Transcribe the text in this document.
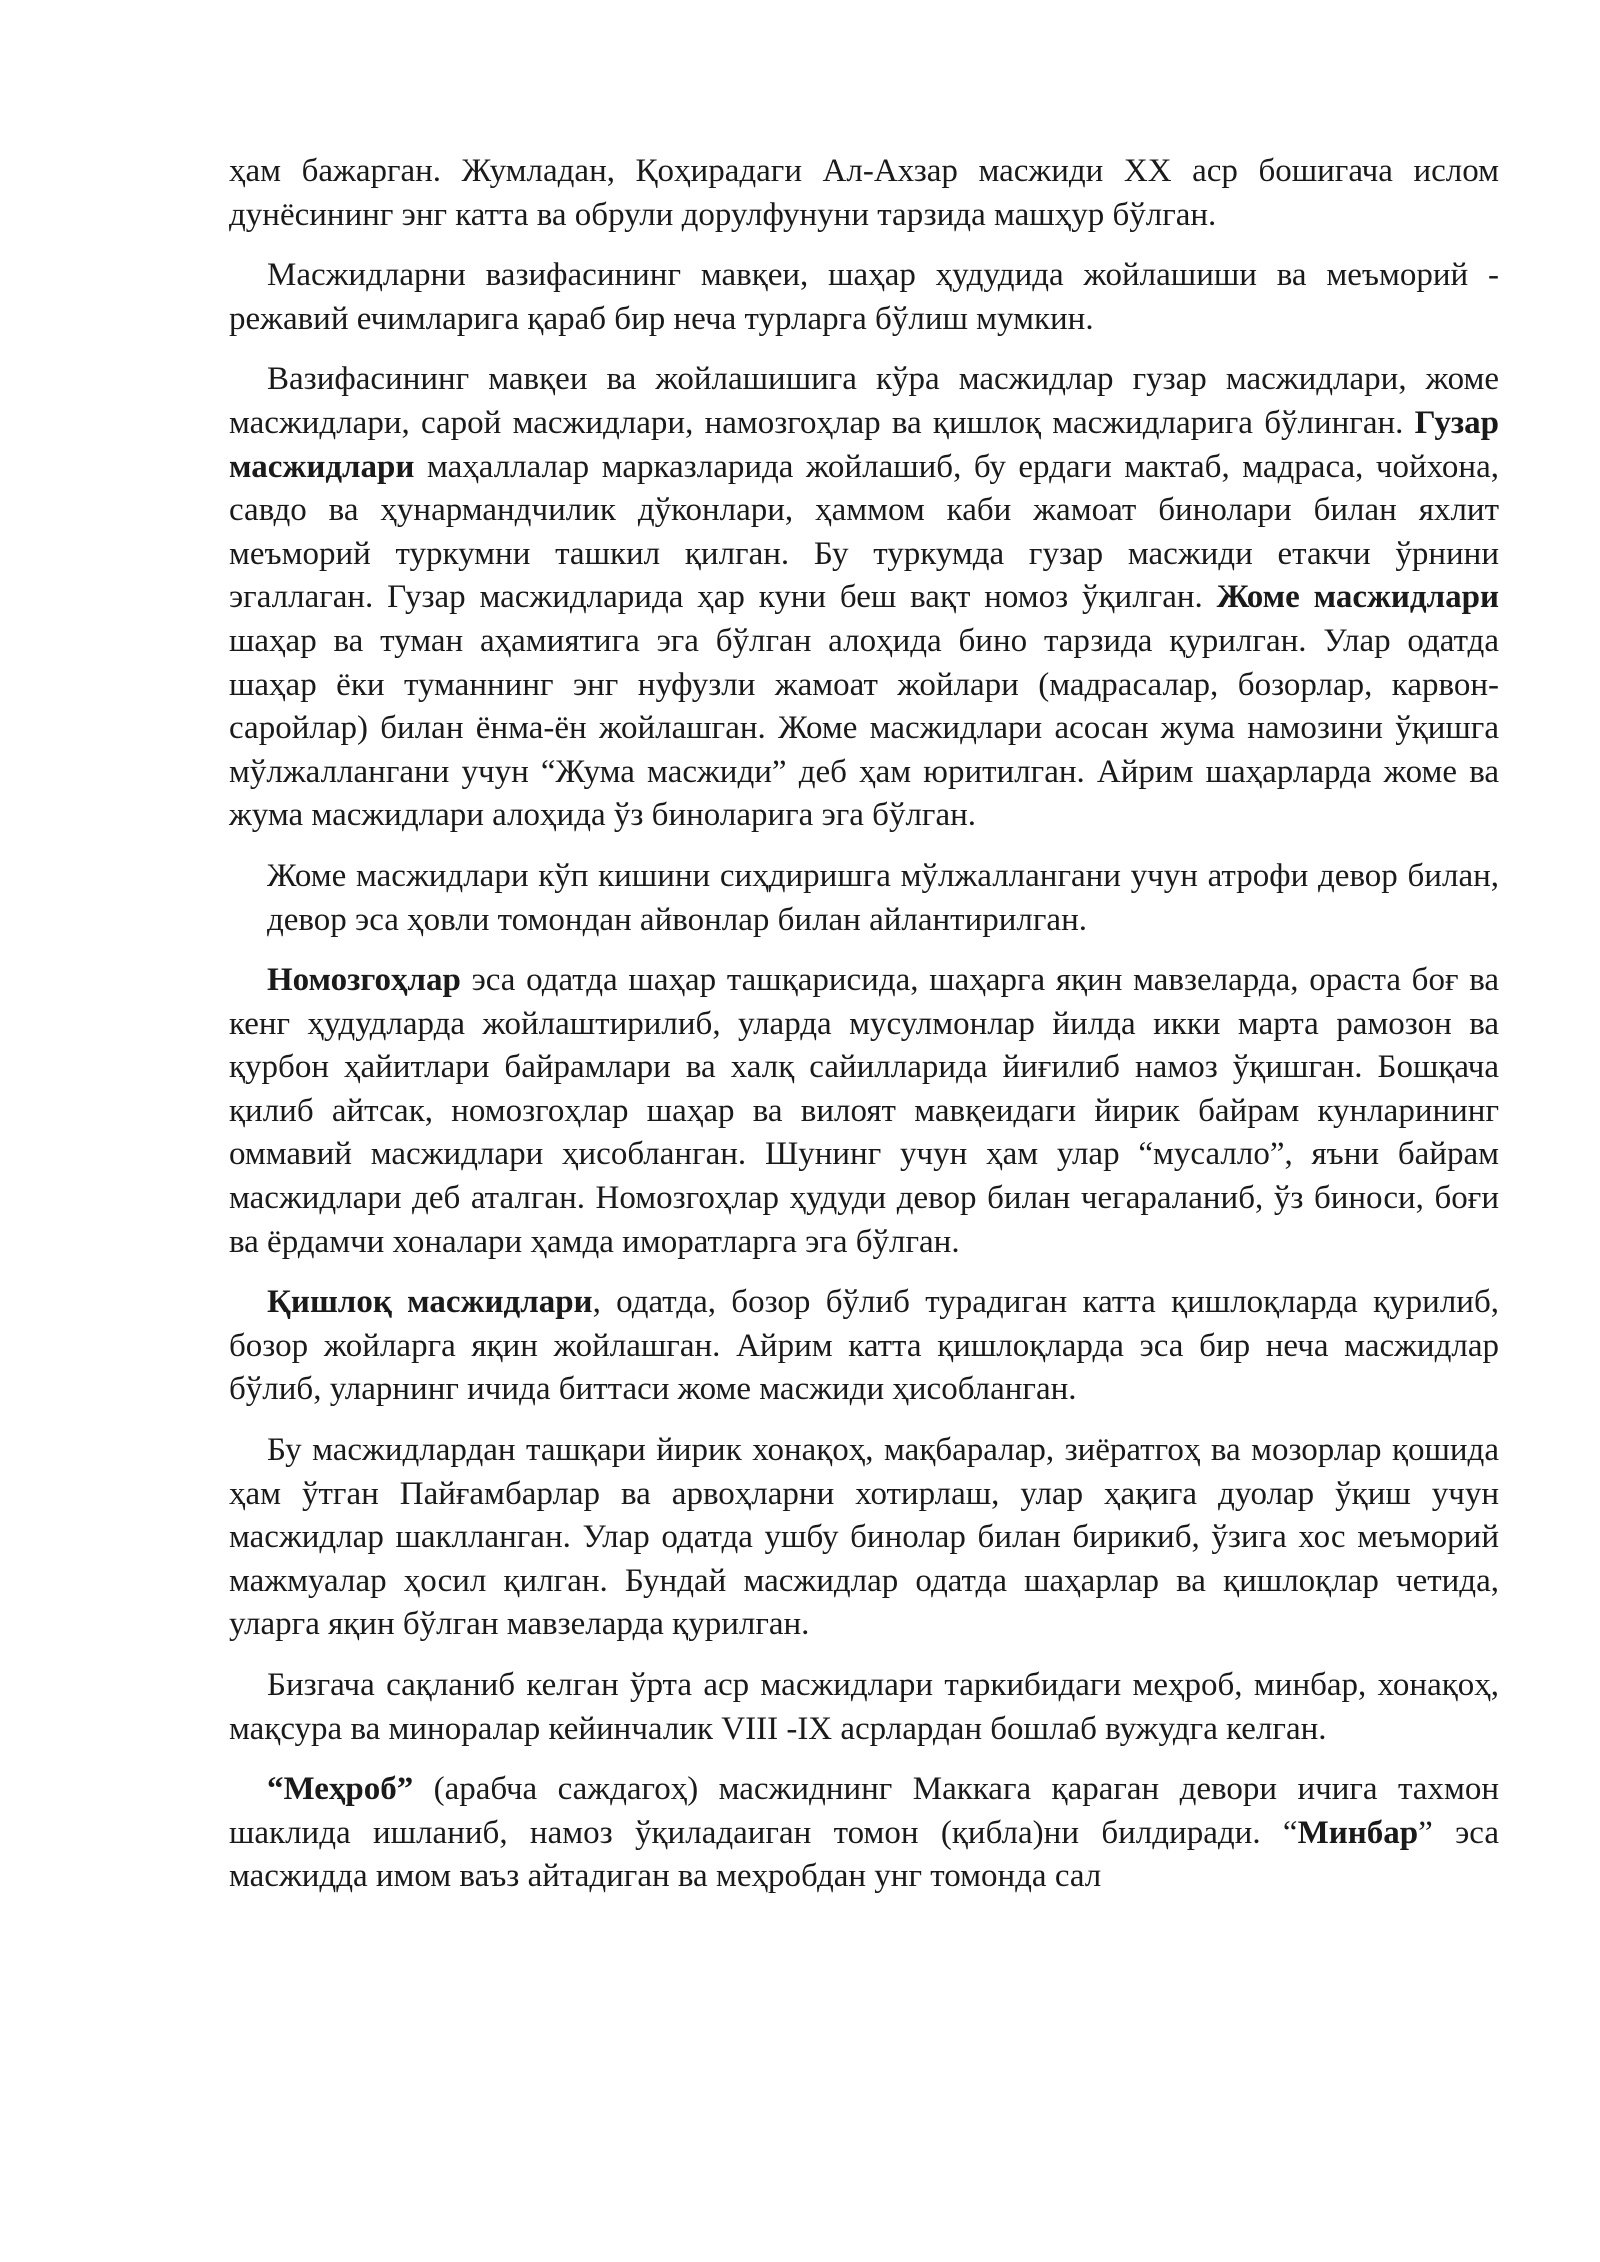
ҳам бажарган. Жумладан, Қоҳирадаги Ал-Ахзар масжиди XX аср бошигача ислом дунёсининг энг катта ва обрули дорулфунуни тарзида машҳур бўлган.

Масжидларни вазифасининг мавқеи, шаҳар ҳудудида жойлашиши ва меъморий - режавий ечимларига қараб бир неча турларга бўлиш мумкин.

Вазифасининг мавқеи ва жойлашишига кўра масжидлар гузар масжидлари, жоме масжидлари, сарой масжидлари, намозгоҳлар ва қишлоқ масжидларига бўлинган. Гузар масжидлари маҳаллалар марказларида жойлашиб, бу ердаги мактаб, мадраса, чойхона, савдо ва ҳунармандчилик дўконлари, ҳаммом каби жамоат бинолари билан яхлит меъморий туркумни ташкил қилган. Бу туркумда гузар масжиди етакчи ўрнини эгаллаган. Гузар масжидларида ҳар куни беш вақт номоз ўқилган. Жоме масжидлари шаҳар ва туман аҳамиятига эга бўлган алоҳида бино тарзида қурилган. Улар одатда шаҳар ёки туманнинг энг нуфузли жамоат жойлари (мадрасалар, бозорлар, карвон-саройлар) билан ёнма-ён жойлашган. Жоме масжидлари асосан жума намозини ўқишга мўлжаллангани учун “Жума масжиди” деб ҳам юритилган. Айрим шаҳарларда жоме ва жума масжидлари алоҳида ўз биноларига эга бўлган.

Жоме масжидлари кўп кишини сиҳдиришга мўлжаллангани учун атрофи девор билан, девор эса ҳовли томондан айвонлар билан айлантирилган.

Номозгоҳлар эса одатда шаҳар ташқарисида, шаҳарга яқин мавзеларда, ораста боғ ва кенг ҳудудларда жойлаштирилиб, уларда мусулмонлар йилда икки марта рамозон ва қурбон ҳайитлари байрамлари ва халқ сайилларида йиғилиб намоз ўқишган. Бошқача қилиб айтсак, номозгоҳлар шаҳар ва вилоят мавқеидаги йирик байрам кунларининг оммавий масжидлари ҳисобланган. Шунинг учун ҳам улар “мусалло”, яъни байрам масжидлари деб аталган. Номозгоҳлар ҳудуди девор билан чегараланиб, ўз биноси, боғи ва ёрдамчи хоналари ҳамда иморатларга эга бўлган.

Қишлоқ масжидлари, одатда, бозор бўлиб турадиган катта қишлоқларда қурилиб, бозор жойларга яқин жойлашган. Айрим катта қишлоқларда эса бир неча масжидлар бўлиб, уларнинг ичида биттаси жоме масжиди ҳисобланган.

Бу масжидлардан ташқари йирик хонақоҳ, мақбаралар, зиёратгоҳ ва мозорлар қошида ҳам ўтган Пайғамбарлар ва арвоҳларни хотирлаш, улар ҳақига дуолар ўқиш учун масжидлар шаклланган. Улар одатда ушбу бинолар билан бирикиб, ўзига хос меъморий мажмуалар ҳосил қилган. Бундай масжидлар одатда шаҳарлар ва қишлоқлар четида, уларга яқин бўлган мавзеларда қурилган.

Бизгача сақланиб келган ўрта аср масжидлари таркибидаги меҳроб, минбар, хонақоҳ, мақсура ва миноралар кейинчалик VIII -IX асрлардан бошлаб вужудга келган.

“Меҳроб” (арабча саждагоҳ) масжиднинг Маккага қараган девори ичига тахмон шаклида ишланиб, намоз ўқиладаиган томон (қибла)ни билдиради. “Минбар” эса масжидда имом ваъз айтадиган ва меҳробдан унг томонда сал
